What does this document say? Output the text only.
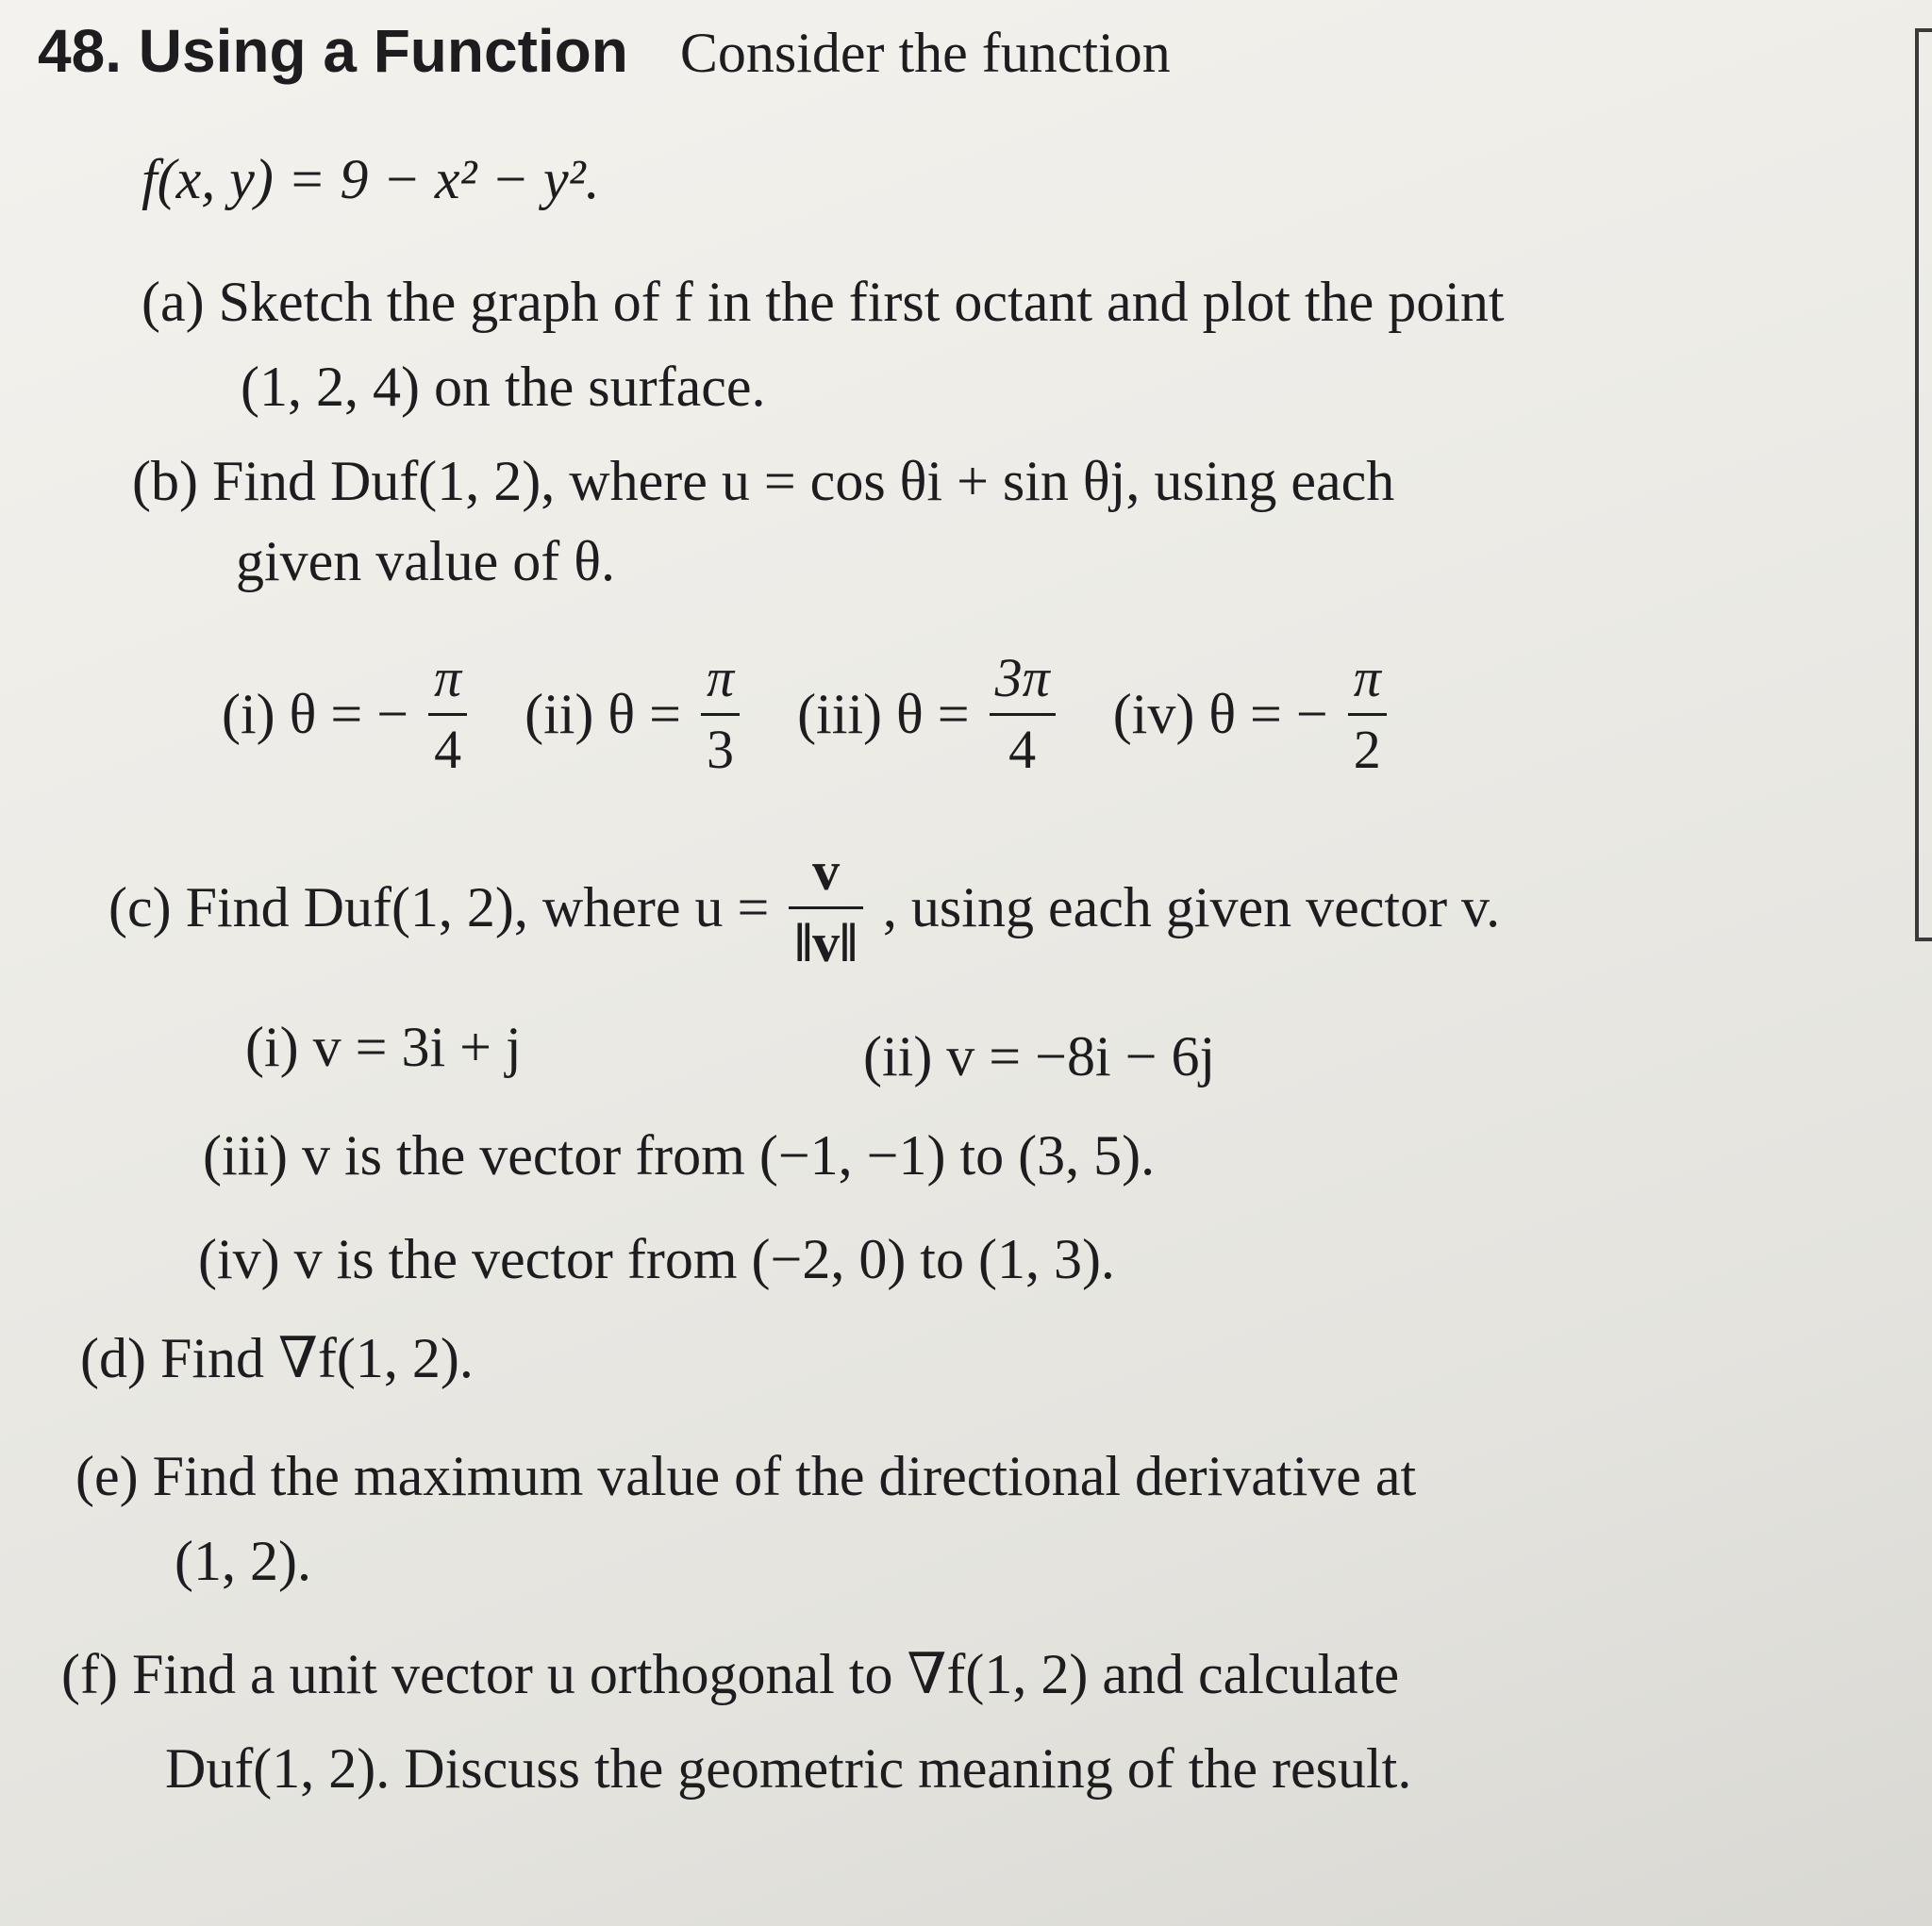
48. Using a Function Consider the function
f(x, y) = 9 − x² − y².
(a) Sketch the graph of f in the first octant and plot the point
(1, 2, 4) on the surface.
(b) Find Duf(1, 2), where u = cos θi + sin θj, using each
given value of θ.
(i) θ = − $\frac{\pi}{4} (ii) \theta = \frac{\pi}{3} (iii) \theta = \frac{3\pi}{4} (iv) \theta$ = − $\frac{\pi}{2}$
(c) Find Duf(1, 2), where $u = \frac{v}{‖v‖}$ , using each given vector v.
(i) v = 3i + j	(ii) v = −8i − 6j
(iii) v is the vector from (−1, −1) to (3, 5).
(iv) v is the vector from (−2, 0) to (1, 3).
(d) Find ∇f(1, 2).
(e) Find the maximum value of the directional derivative at
(1, 2).
(f) Find a unit vector u orthogonal to ∇f(1, 2) and calculate
Duf(1, 2). Discuss the geometric meaning of the result.
